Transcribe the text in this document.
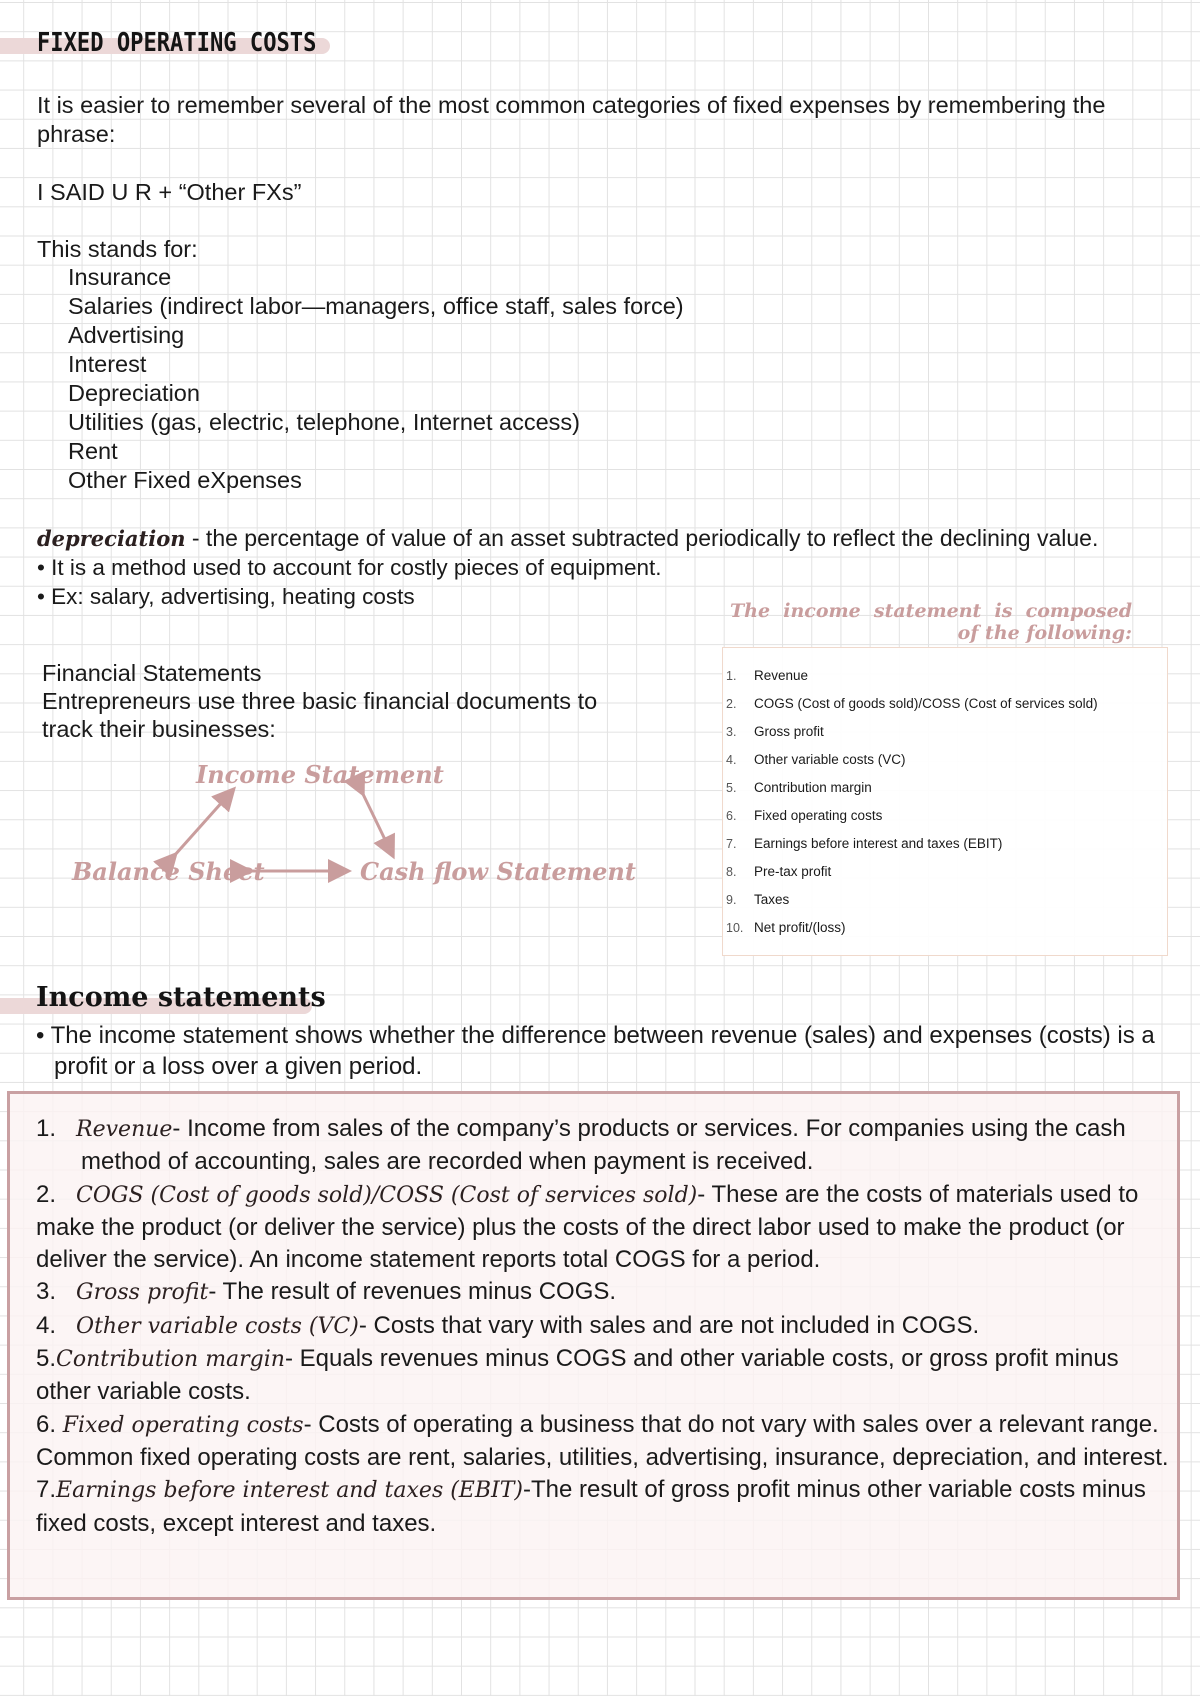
FIXED OPERATING COSTS
It is easier to remember several of the most common categories of fixed expenses by remembering the phrase:
I SAID U R + “Other FXs”
This stands for:
Insurance
Salaries (indirect labor—managers, office staff, sales force)
Advertising
Interest
Depreciation
Utilities (gas, electric, telephone, Internet access)
Rent
Other Fixed eXpenses
depreciation - the percentage of value of an asset subtracted periodically to reflect the declining value.
• It is a method used to account for costly pieces of equipment.
• Ex: salary, advertising, heating costs
Financial Statements
Entrepreneurs use three basic financial documents to
track their businesses:
Income Statement
Balance Sheet	Cash flow Statement
The income statement is composed of the following:
1. Revenue
2. COGS (Cost of goods sold)/COSS (Cost of services sold)
3. Gross profit
4. Other variable costs (VC)
5. Contribution margin
6. Fixed operating costs
7. Earnings before interest and taxes (EBIT)
8. Pre-tax profit
9. Taxes
10. Net profit/(loss)
Income statements
• The income statement shows whether the difference between revenue (sales) and expenses (costs) is a profit or a loss over a given period.
1. Revenue- Income from sales of the company’s products or services. For companies using the cash method of accounting, sales are recorded when payment is received.
2. COGS (Cost of goods sold)/COSS (Cost of services sold)- These are the costs of materials used to make the product (or deliver the service) plus the costs of the direct labor used to make the product (or deliver the service). An income statement reports total COGS for a period.
3. Gross profit- The result of revenues minus COGS.
4. Other variable costs (VC)- Costs that vary with sales and are not included in COGS.
5.Contribution margin- Equals revenues minus COGS and other variable costs, or gross profit minus other variable costs.
6. Fixed operating costs- Costs of operating a business that do not vary with sales over a relevant range. Common fixed operating costs are rent, salaries, utilities, advertising, insurance, depreciation, and interest.
7.Earnings before interest and taxes (EBIT)-The result of gross profit minus other variable costs minus fixed costs, except interest and taxes.
